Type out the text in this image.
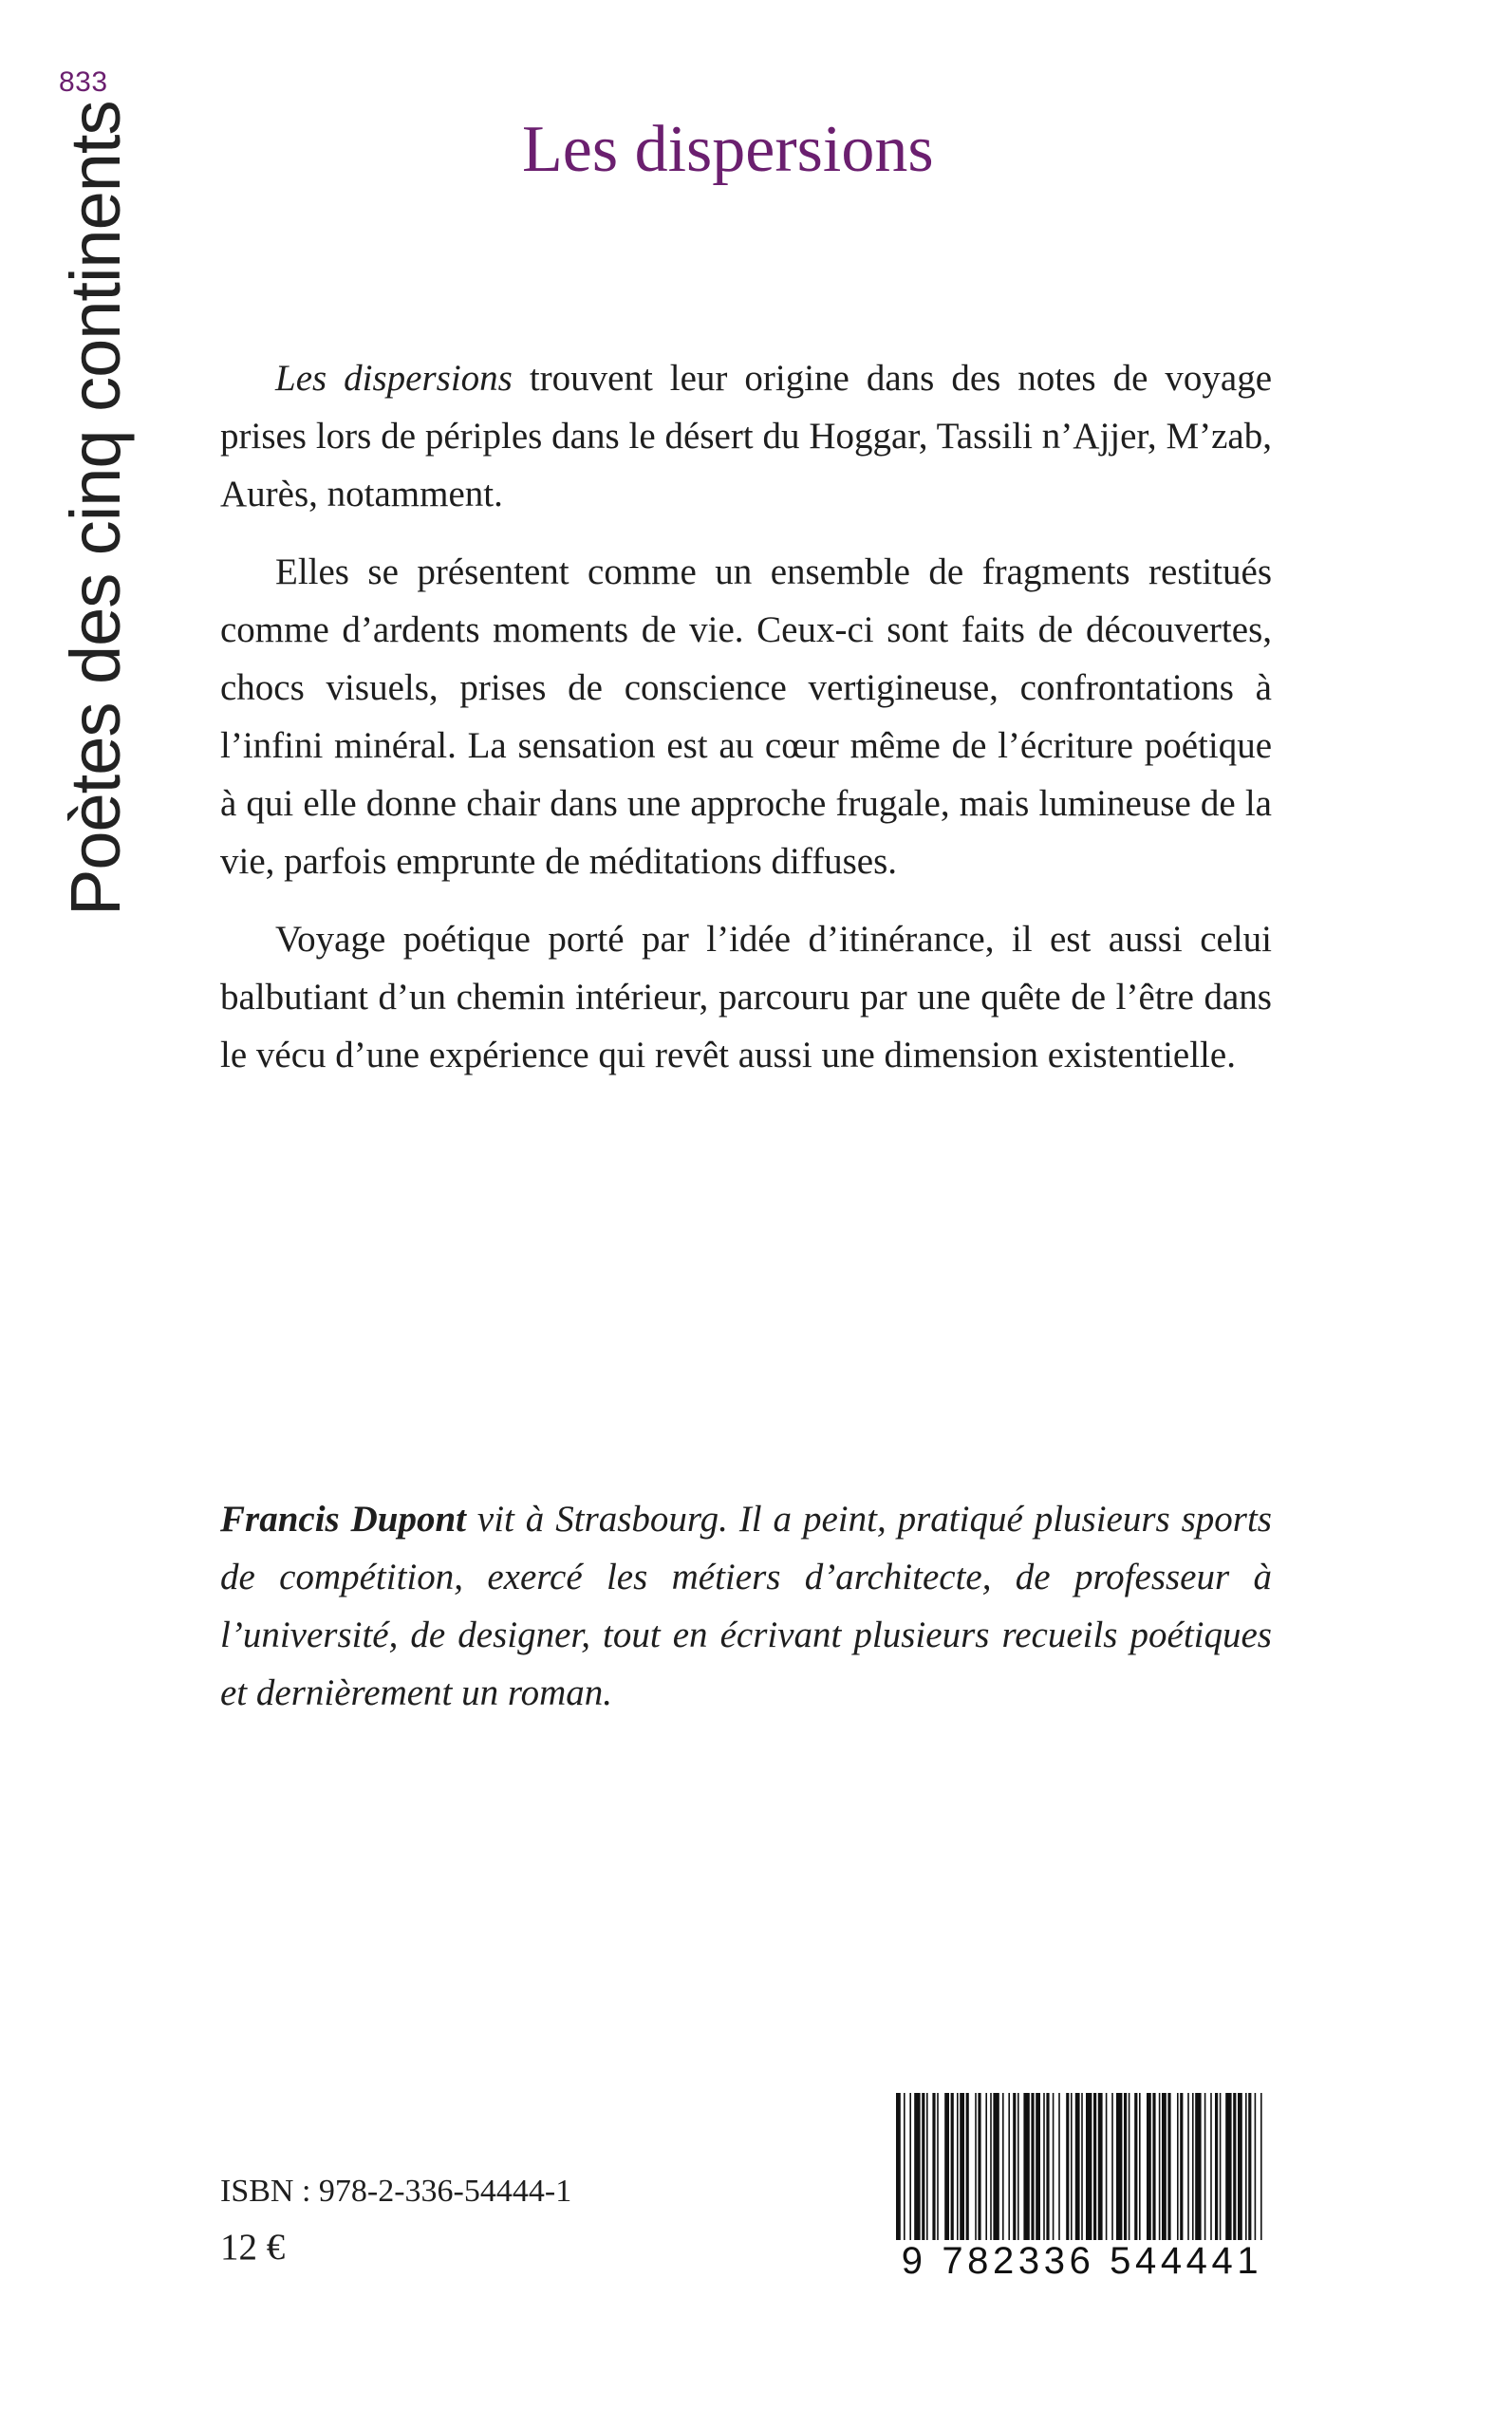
833
Poètes des cinq continents	Les dispersions

Les dispersions trouvent leur origine dans des notes de voyage prises lors de périples dans le désert du Hoggar, Tassili n’Ajjer, M’zab, Aurès, notamment.

Elles se présentent comme un ensemble de fragments restitués comme d’ardents moments de vie. Ceux-ci sont faits de découvertes, chocs visuels, prises de conscience vertigineuse, confrontations à l’infini minéral. La sensation est au cœur même de l’écriture poétique à qui elle donne chair dans une approche frugale, mais lumineuse de la vie, parfois emprunte de méditations diffuses.

Voyage poétique porté par l’idée d’itinérance, il est aussi celui balbutiant d’un chemin intérieur, parcouru par une quête de l’être dans le vécu d’une expérience qui revêt aussi une dimension existentielle.

Francis Dupont vit à Strasbourg. Il a peint, pratiqué plusieurs sports de compétition, exercé les métiers d’architecte, de professeur à l’université, de designer, tout en écrivant plusieurs recueils poétiques et dernièrement un roman.

ISBN : 978-2-336-54444-1
12 €	9 782336 544441
